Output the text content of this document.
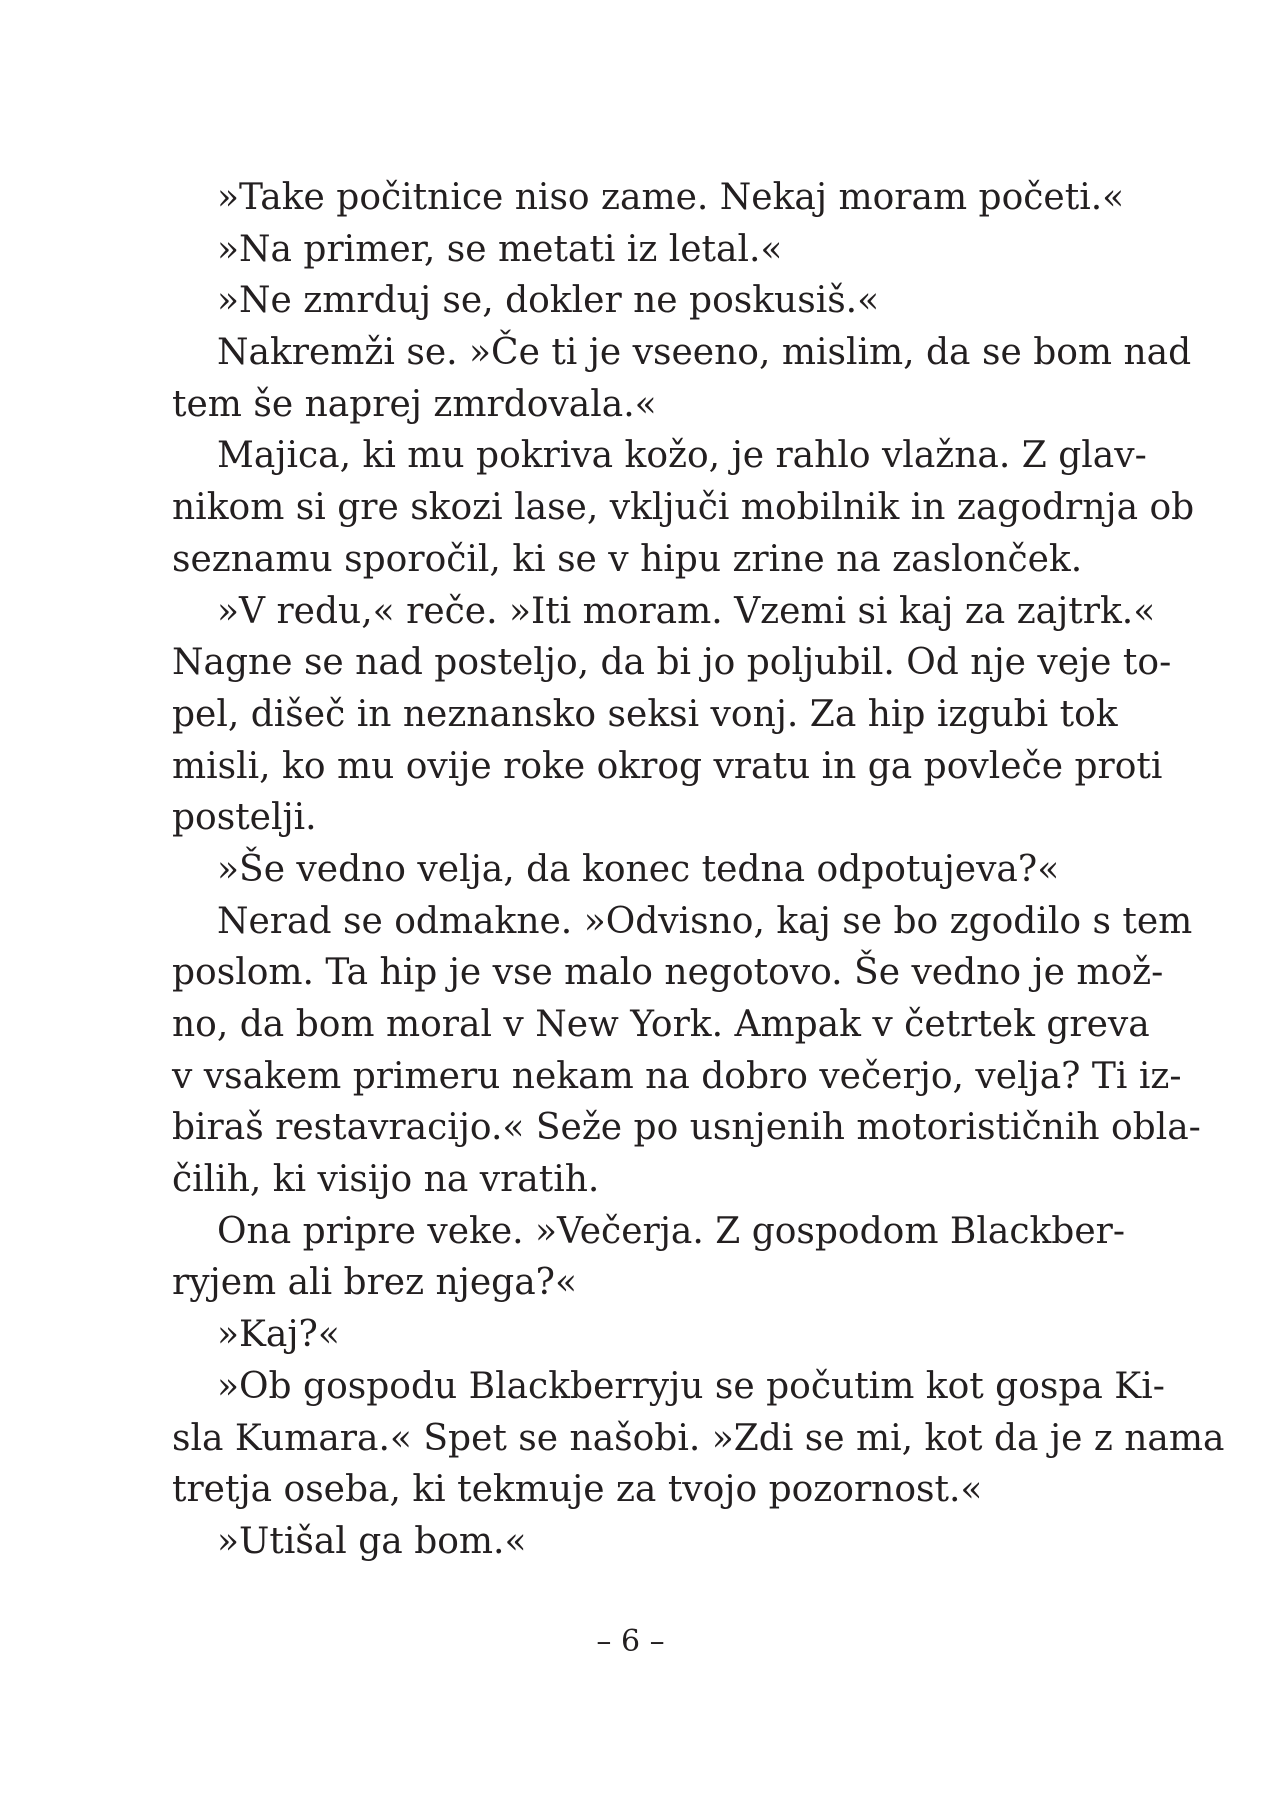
»Take počitnice niso zame. Nekaj moram početi.«
»Na primer, se metati iz letal.«
»Ne zmrduj se, dokler ne poskusiš.«
Nakremži se. »Če ti je vseeno, mislim, da se bom nad
tem še naprej zmrdovala.«
Majica, ki mu pokriva kožo, je rahlo vlažna. Z glav-
nikom si gre skozi lase, vključi mobilnik in zagodrnja ob
seznamu sporočil, ki se v hipu zrine na zaslonček.
»V redu,« reče. »Iti moram. Vzemi si kaj za zajtrk.«
Nagne se nad posteljo, da bi jo poljubil. Od nje veje to-
pel, dišeč in neznansko seksi vonj. Za hip izgubi tok
misli, ko mu ovije roke okrog vratu in ga povleče proti
postelji.
»Še vedno velja, da konec tedna odpotujeva?«
Nerad se odmakne. »Odvisno, kaj se bo zgodilo s tem
poslom. Ta hip je vse malo negotovo. Še vedno je mož-
no, da bom moral v New York. Ampak v četrtek greva
v vsakem primeru nekam na dobro večerjo, velja? Ti iz-
biraš restavracijo.« Seže po usnjenih motorističnih obla-
čilih, ki visijo na vratih.
Ona pripre veke. »Večerja. Z gospodom Blackber-
ryjem ali brez njega?«
»Kaj?«
»Ob gospodu Blackberryju se počutim kot gospa Ki-
sla Kumara.« Spet se našobi. »Zdi se mi, kot da je z nama
tretja oseba, ki tekmuje za tvojo pozornost.«
»Utišal ga bom.«
– 6 –
